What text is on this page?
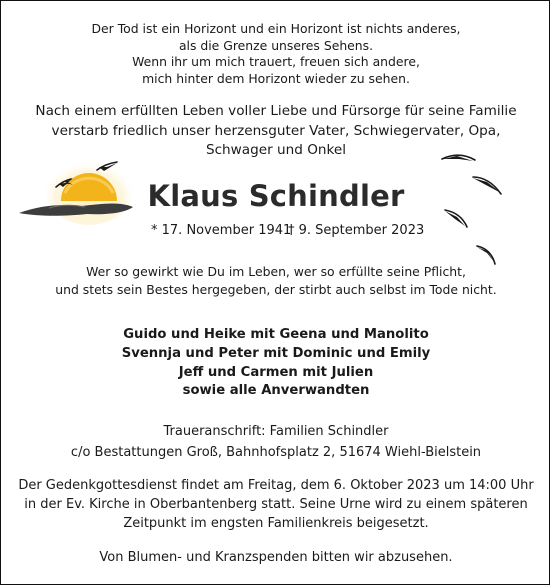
Der Tod ist ein Horizont und ein Horizont ist nichts anderes,
als die Grenze unseres Sehens.
Wenn ihr um mich trauert, freuen sich andere,
mich hinter dem Horizont wieder zu sehen.
Nach einem erfüllten Leben voller Liebe und Fürsorge für seine Familie
verstarb friedlich unser herzensguter Vater, Schwiegervater, Opa,
Schwager und Onkel
Klaus Schindler
* 17. November 1941
† 9. September 2023
Wer so gewirkt wie Du im Leben, wer so erfüllte seine Pflicht,
und stets sein Bestes hergegeben, der stirbt auch selbst im Tode nicht.
Guido und Heike mit Geena und Manolito
Svennja und Peter mit Dominic und Emily
Jeff und Carmen mit Julien
sowie alle Anverwandten
Traueranschrift: Familien Schindler
c/o Bestattungen Groß, Bahnhofsplatz 2, 51674 Wiehl-Bielstein
Der Gedenkgottesdienst findet am Freitag, dem 6. Oktober 2023 um 14:00 Uhr
in der Ev. Kirche in Oberbantenberg statt. Seine Urne wird zu einem späteren
Zeitpunkt im engsten Familienkreis beigesetzt.
Von Blumen- und Kranzspenden bitten wir abzusehen.
